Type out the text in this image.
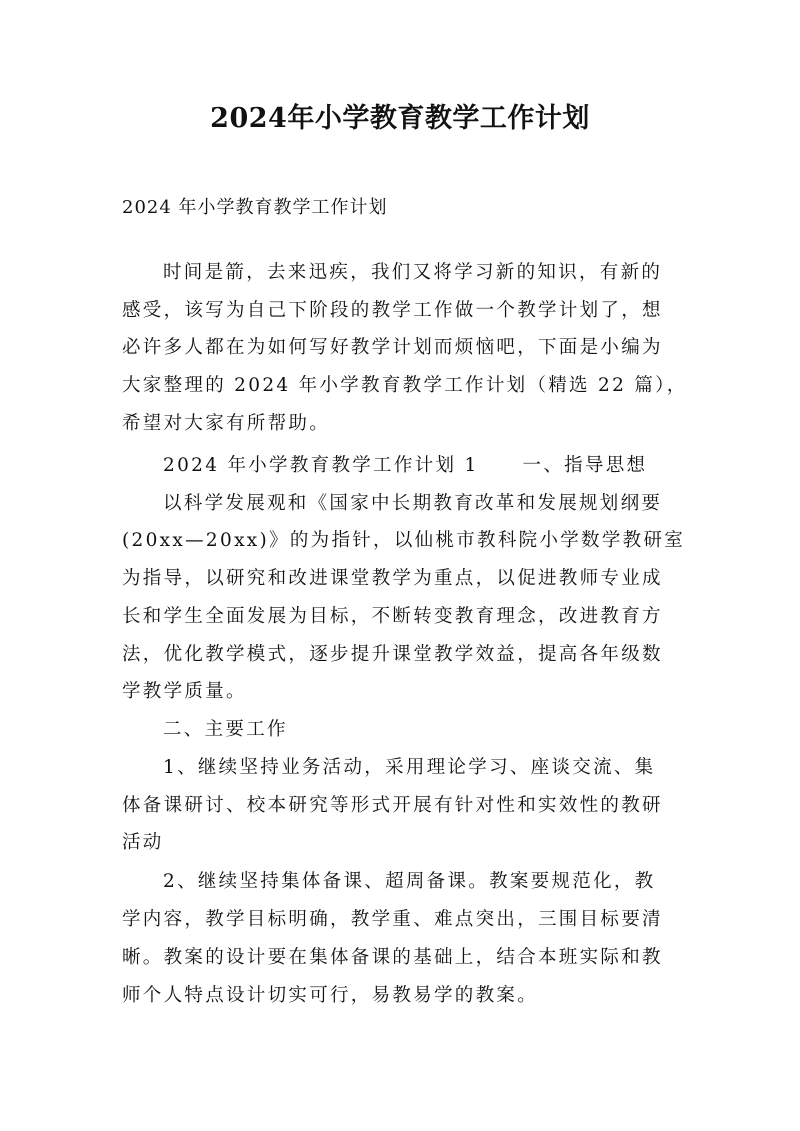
2024年小学教育教学工作计划
2024 年小学教育教学工作计划
时间是箭，去来迅疾，我们又将学习新的知识，有新的
感受，该写为自己下阶段的教学工作做一个教学计划了，想
必许多人都在为如何写好教学计划而烦恼吧，下面是小编为
大家整理的 2024 年小学教育教学工作计划（精选 22 篇），
希望对大家有所帮助。
2024 年小学教育教学工作计划 1 一、指导思想
以科学发展观和《国家中长期教育改革和发展规划纲要
(20xx—20xx)》的为指针，以仙桃市教科院小学数学教研室
为指导，以研究和改进课堂教学为重点，以促进教师专业成
长和学生全面发展为目标，不断转变教育理念，改进教育方
法，优化教学模式，逐步提升课堂教学效益，提高各年级数
学教学质量。
二、主要工作
1、继续坚持业务活动，采用理论学习、座谈交流、集
体备课研讨、校本研究等形式开展有针对性和实效性的教研
活动
2、继续坚持集体备课、超周备课。教案要规范化，教
学内容，教学目标明确，教学重、难点突出，三围目标要清
晰。教案的设计要在集体备课的基础上，结合本班实际和教
师个人特点设计切实可行，易教易学的教案。
